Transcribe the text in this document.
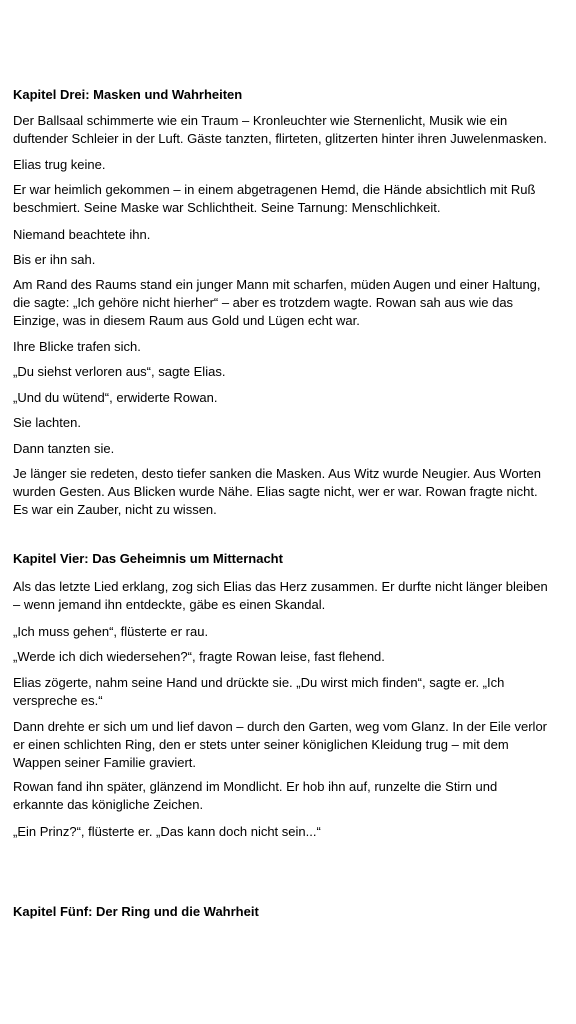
Kapitel Drei: Masken und Wahrheiten

Der Ballsaal schimmerte wie ein Traum – Kronleuchter wie Sternenlicht, Musik wie ein
duftender Schleier in der Luft. Gäste tanzten, flirteten, glitzerten hinter ihren Juwelenmasken.

Elias trug keine.

Er war heimlich gekommen – in einem abgetragenen Hemd, die Hände absichtlich mit Ruß
beschmiert. Seine Maske war Schlichtheit. Seine Tarnung: Menschlichkeit.

Niemand beachtete ihn.

Bis er ihn sah.

Am Rand des Raums stand ein junger Mann mit scharfen, müden Augen und einer Haltung,
die sagte: „Ich gehöre nicht hierher“ – aber es trotzdem wagte. Rowan sah aus wie das
Einzige, was in diesem Raum aus Gold und Lügen echt war.

Ihre Blicke trafen sich.

„Du siehst verloren aus“, sagte Elias.

„Und du wütend“, erwiderte Rowan.

Sie lachten.

Dann tanzten sie.

Je länger sie redeten, desto tiefer sanken die Masken. Aus Witz wurde Neugier. Aus Worten
wurden Gesten. Aus Blicken wurde Nähe. Elias sagte nicht, wer er war. Rowan fragte nicht.
Es war ein Zauber, nicht zu wissen.

Kapitel Vier: Das Geheimnis um Mitternacht

Als das letzte Lied erklang, zog sich Elias das Herz zusammen. Er durfte nicht länger bleiben
– wenn jemand ihn entdeckte, gäbe es einen Skandal.

„Ich muss gehen“, flüsterte er rau.

„Werde ich dich wiedersehen?“, fragte Rowan leise, fast flehend.

Elias zögerte, nahm seine Hand und drückte sie. „Du wirst mich finden“, sagte er. „Ich
verspreche es.“

Dann drehte er sich um und lief davon – durch den Garten, weg vom Glanz. In der Eile verlor
er einen schlichten Ring, den er stets unter seiner königlichen Kleidung trug – mit dem
Wappen seiner Familie graviert.

Rowan fand ihn später, glänzend im Mondlicht. Er hob ihn auf, runzelte die Stirn und
erkannte das königliche Zeichen.

„Ein Prinz?“, flüsterte er. „Das kann doch nicht sein...“

Kapitel Fünf: Der Ring und die Wahrheit
